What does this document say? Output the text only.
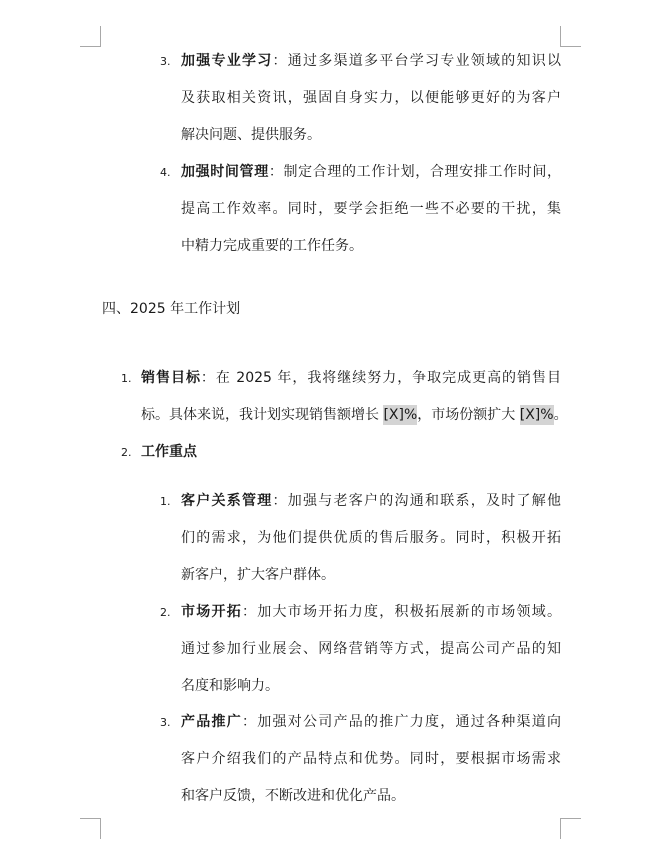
3. 加强专业学习：通过多渠道多平台学习专业领域的知识以
及获取相关资讯，强固自身实力，以便能够更好的为客户
解决问题、提供服务。
4. 加强时间管理：制定合理的工作计划，合理安排工作时间，
提高工作效率。同时，要学会拒绝一些不必要的干扰，集
中精力完成重要的工作任务。
四、2025 年工作计划
1. 销售目标：在 2025 年，我将继续努力，争取完成更高的销售目
标。具体来说，我计划实现销售额增长 [X]%，市场份额扩大 [X]%。
2. 工作重点
1. 客户关系管理：加强与老客户的沟通和联系，及时了解他
们的需求，为他们提供优质的售后服务。同时，积极开拓
新客户，扩大客户群体。
2. 市场开拓：加大市场开拓力度，积极拓展新的市场领域。
通过参加行业展会、网络营销等方式，提高公司产品的知
名度和影响力。
3. 产品推广：加强对公司产品的推广力度，通过各种渠道向
客户介绍我们的产品特点和优势。同时，要根据市场需求
和客户反馈，不断改进和优化产品。
